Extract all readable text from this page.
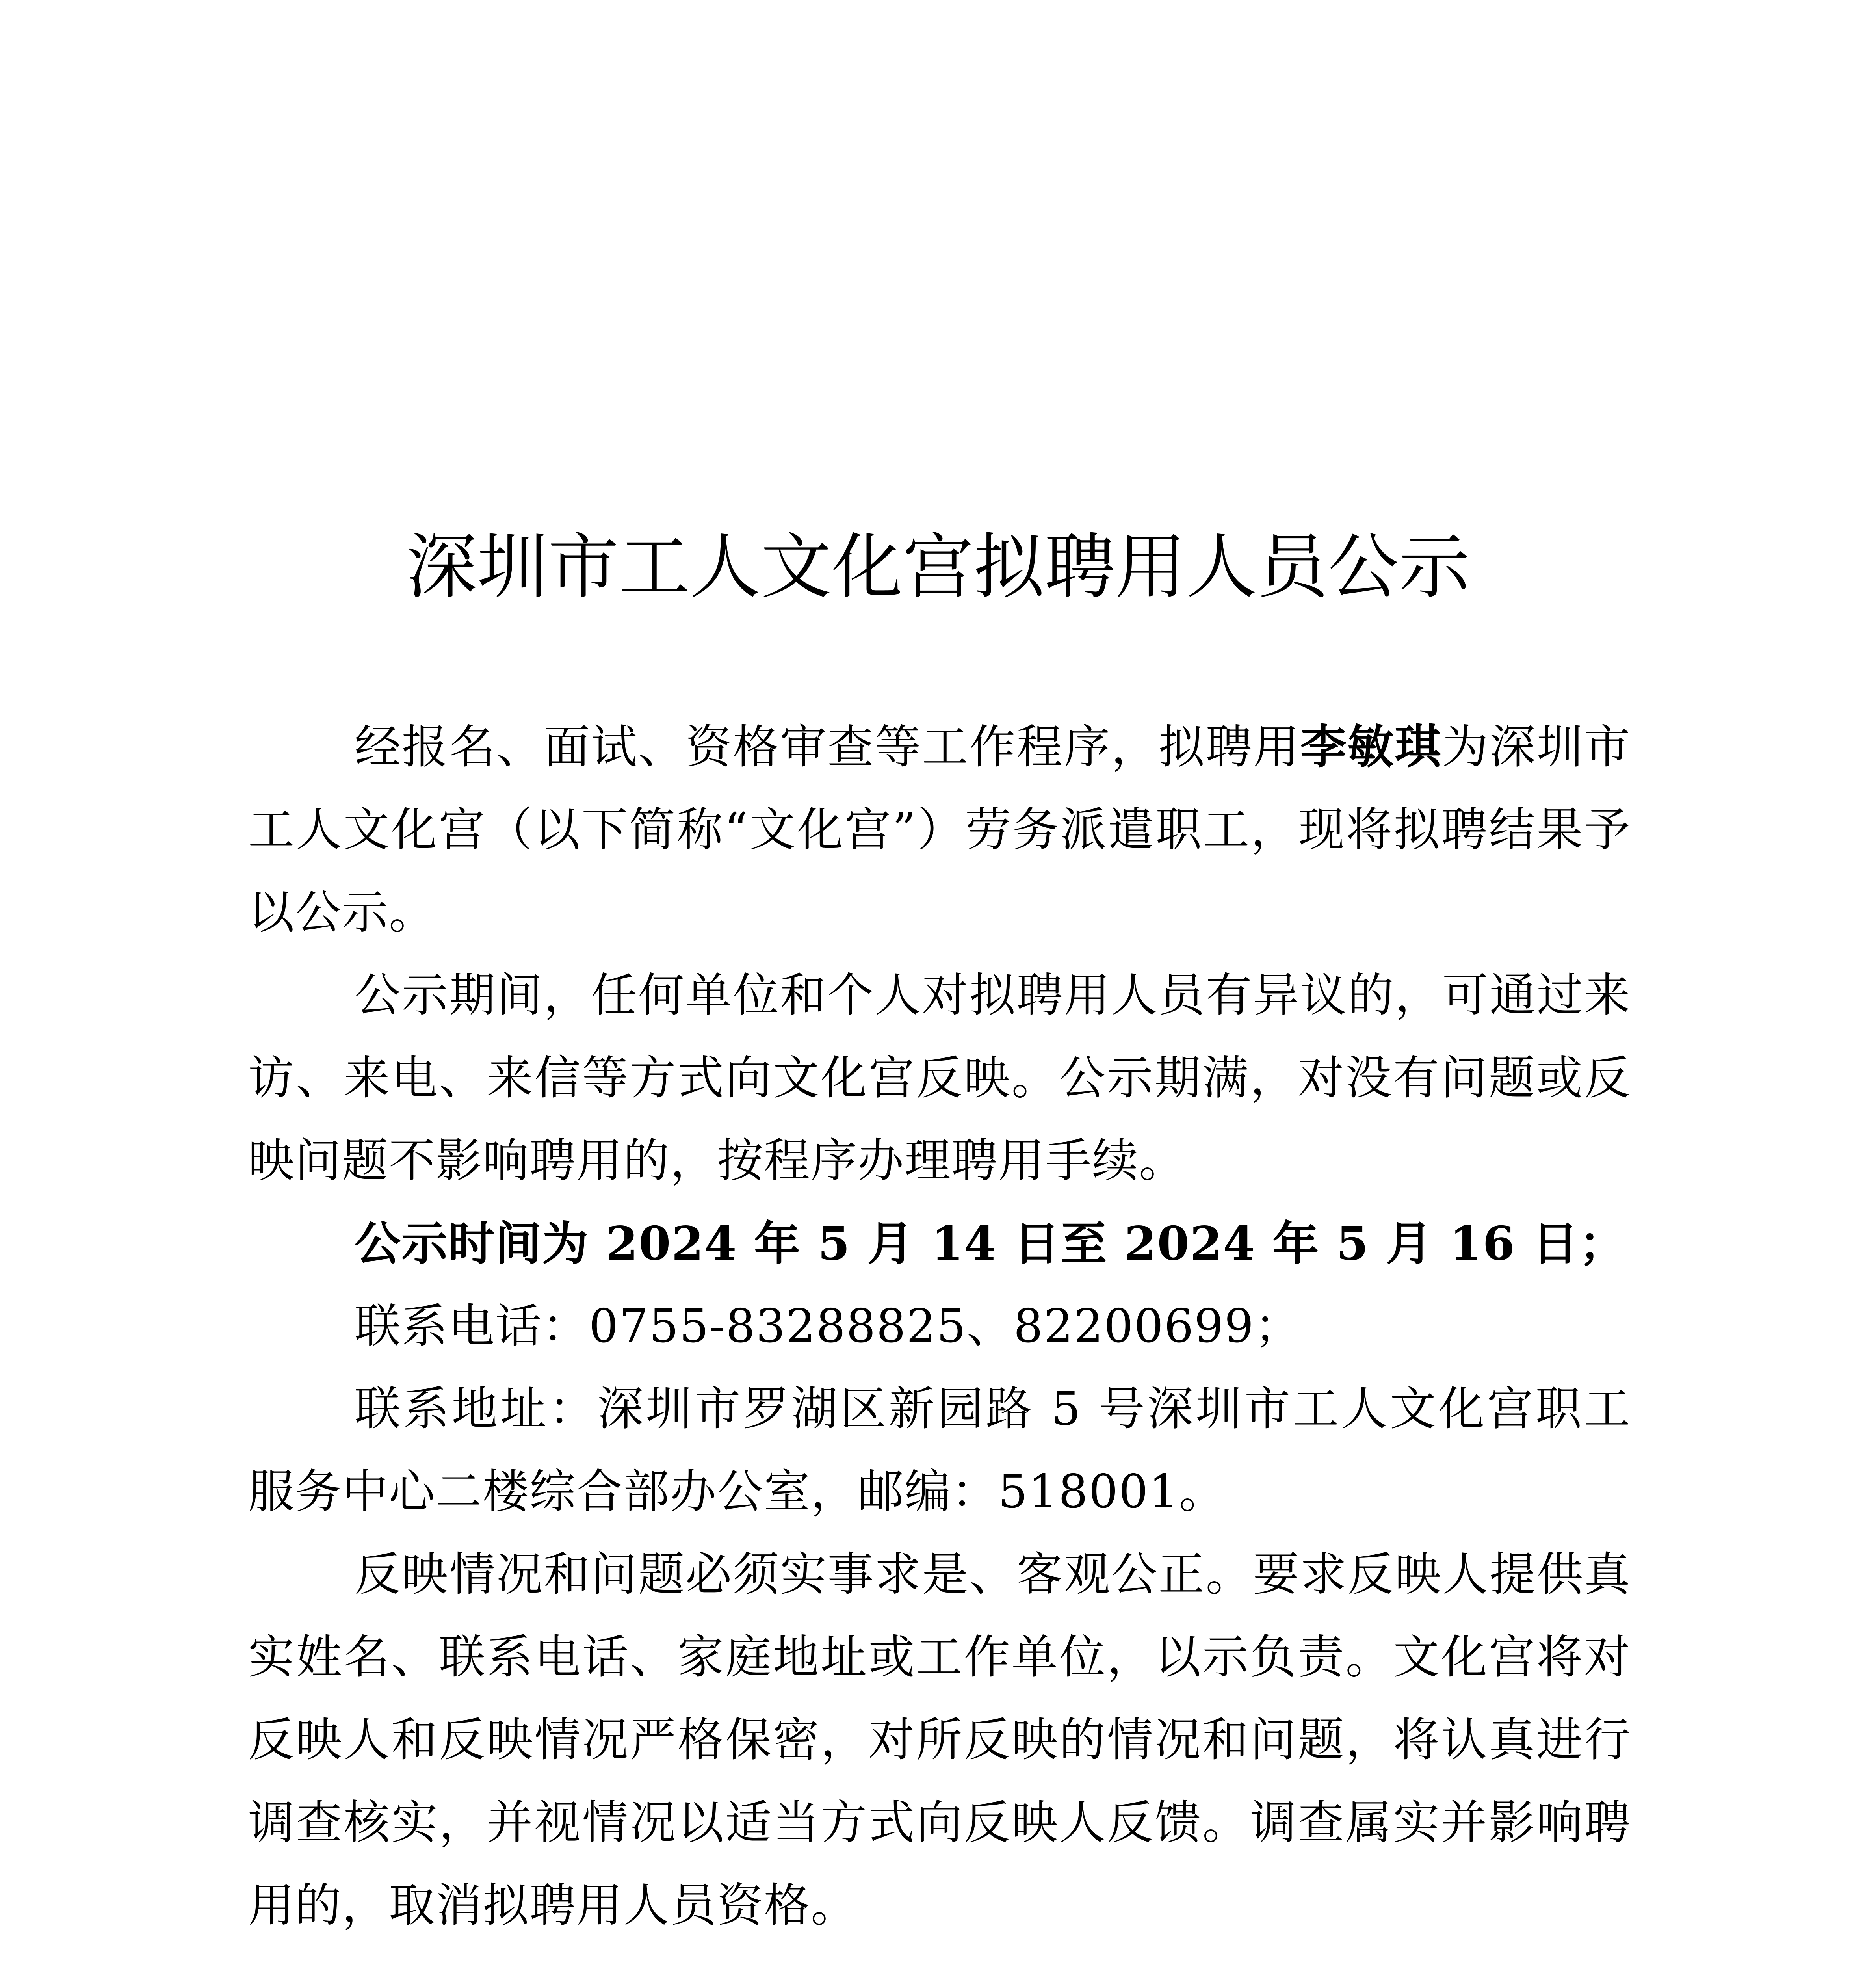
深圳市工人文化宫拟聘用人员公示

经报名、面试、资格审查等工作程序，拟聘用李敏琪为深圳市工人文化宫（以下简称“文化宫”）劳务派遣职工，现将拟聘结果予以公示。

公示期间，任何单位和个人对拟聘用人员有异议的，可通过来访、来电、来信等方式向文化宫反映。公示期满，对没有问题或反映问题不影响聘用的，按程序办理聘用手续。

公示时间为 2024 年 5 月 14 日至 2024 年 5 月 16 日；

联系电话：0755-83288825、82200699；

联系地址：深圳市罗湖区新园路 5 号深圳市工人文化宫职工服务中心二楼综合部办公室，邮编：518001。

反映情况和问题必须实事求是、客观公正。要求反映人提供真实姓名、联系电话、家庭地址或工作单位，以示负责。文化宫将对反映人和反映情况严格保密，对所反映的情况和问题，将认真进行调查核实，并视情况以适当方式向反映人反馈。调查属实并影响聘用的，取消拟聘用人员资格。
